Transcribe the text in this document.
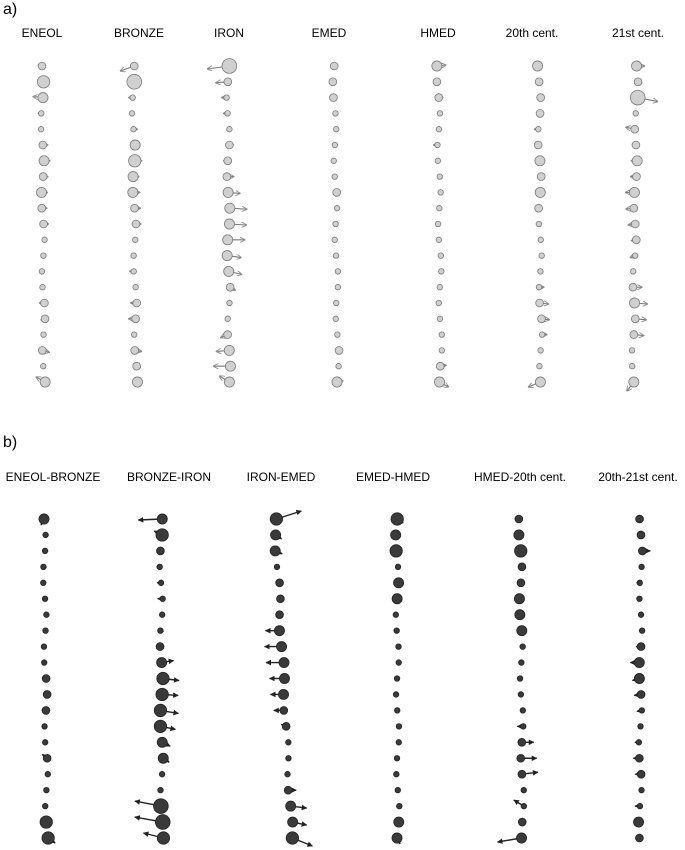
a)
ENEOL	BRONZE	IRON	EMED	HMED	20th cent.	21st cent.
b)
ENEOL-BRONZE BRONZE-IRON	IRON-EMED	EMED-HMED	HMED-20th cent.	20th-21st cent.
